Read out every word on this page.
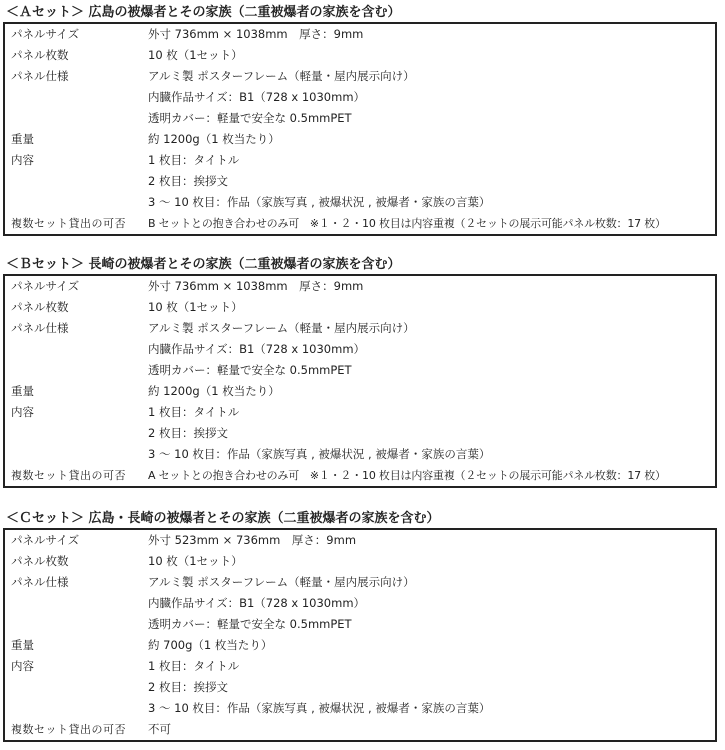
＜Ａセット＞ 広島の被爆者とその家族（二重被爆者の家族を含む）
パネルサイズ	外寸 736mm × 1038mm　厚さ：9mm
パネル枚数	10 枚（1セット）
パネル仕様	アルミ製 ポスターフレーム（軽量・屋内展示向け）
内臓作品サイズ：B1（728 x 1030mm）
透明カバー：軽量で安全な 0.5mmPET
重量	約 1200g（1 枚当たり）
内容	1 枚目：タイトル
2 枚目：挨拶文
3 ～ 10 枚目：作品（家族写真 , 被爆状況 , 被爆者・家族の言葉）
複数セット貸出の可否 B セットとの抱き合わせのみ可　※１・２・10 枚目は内容重複（２セットの展示可能パネル枚数：17 枚）
＜Ｂセット＞ 長崎の被爆者とその家族（二重被爆者の家族を含む）
パネルサイズ	外寸 736mm × 1038mm　厚さ：9mm
パネル枚数	10 枚（1セット）
パネル仕様	アルミ製 ポスターフレーム（軽量・屋内展示向け）
内臓作品サイズ：B1（728 x 1030mm）
透明カバー：軽量で安全な 0.5mmPET
重量	約 1200g（1 枚当たり）
内容	1 枚目：タイトル
2 枚目：挨拶文
3 ～ 10 枚目：作品（家族写真 , 被爆状況 , 被爆者・家族の言葉）
複数セット貸出の可否 A セットとの抱き合わせのみ可　※１・２・10 枚目は内容重複（２セットの展示可能パネル枚数：17 枚）
＜Ｃセット＞ 広島・長崎の被爆者とその家族（二重被爆者の家族を含む）
パネルサイズ	外寸 523mm × 736mm　厚さ：9mm
パネル枚数	10 枚（1セット）
パネル仕様	アルミ製 ポスターフレーム（軽量・屋内展示向け）
内臓作品サイズ：B1（728 x 1030mm）
透明カバー：軽量で安全な 0.5mmPET
重量	約 700g（1 枚当たり）
内容	1 枚目：タイトル
2 枚目：挨拶文
3 ～ 10 枚目：作品（家族写真 , 被爆状況 , 被爆者・家族の言葉）
複数セット貸出の可否 不可
